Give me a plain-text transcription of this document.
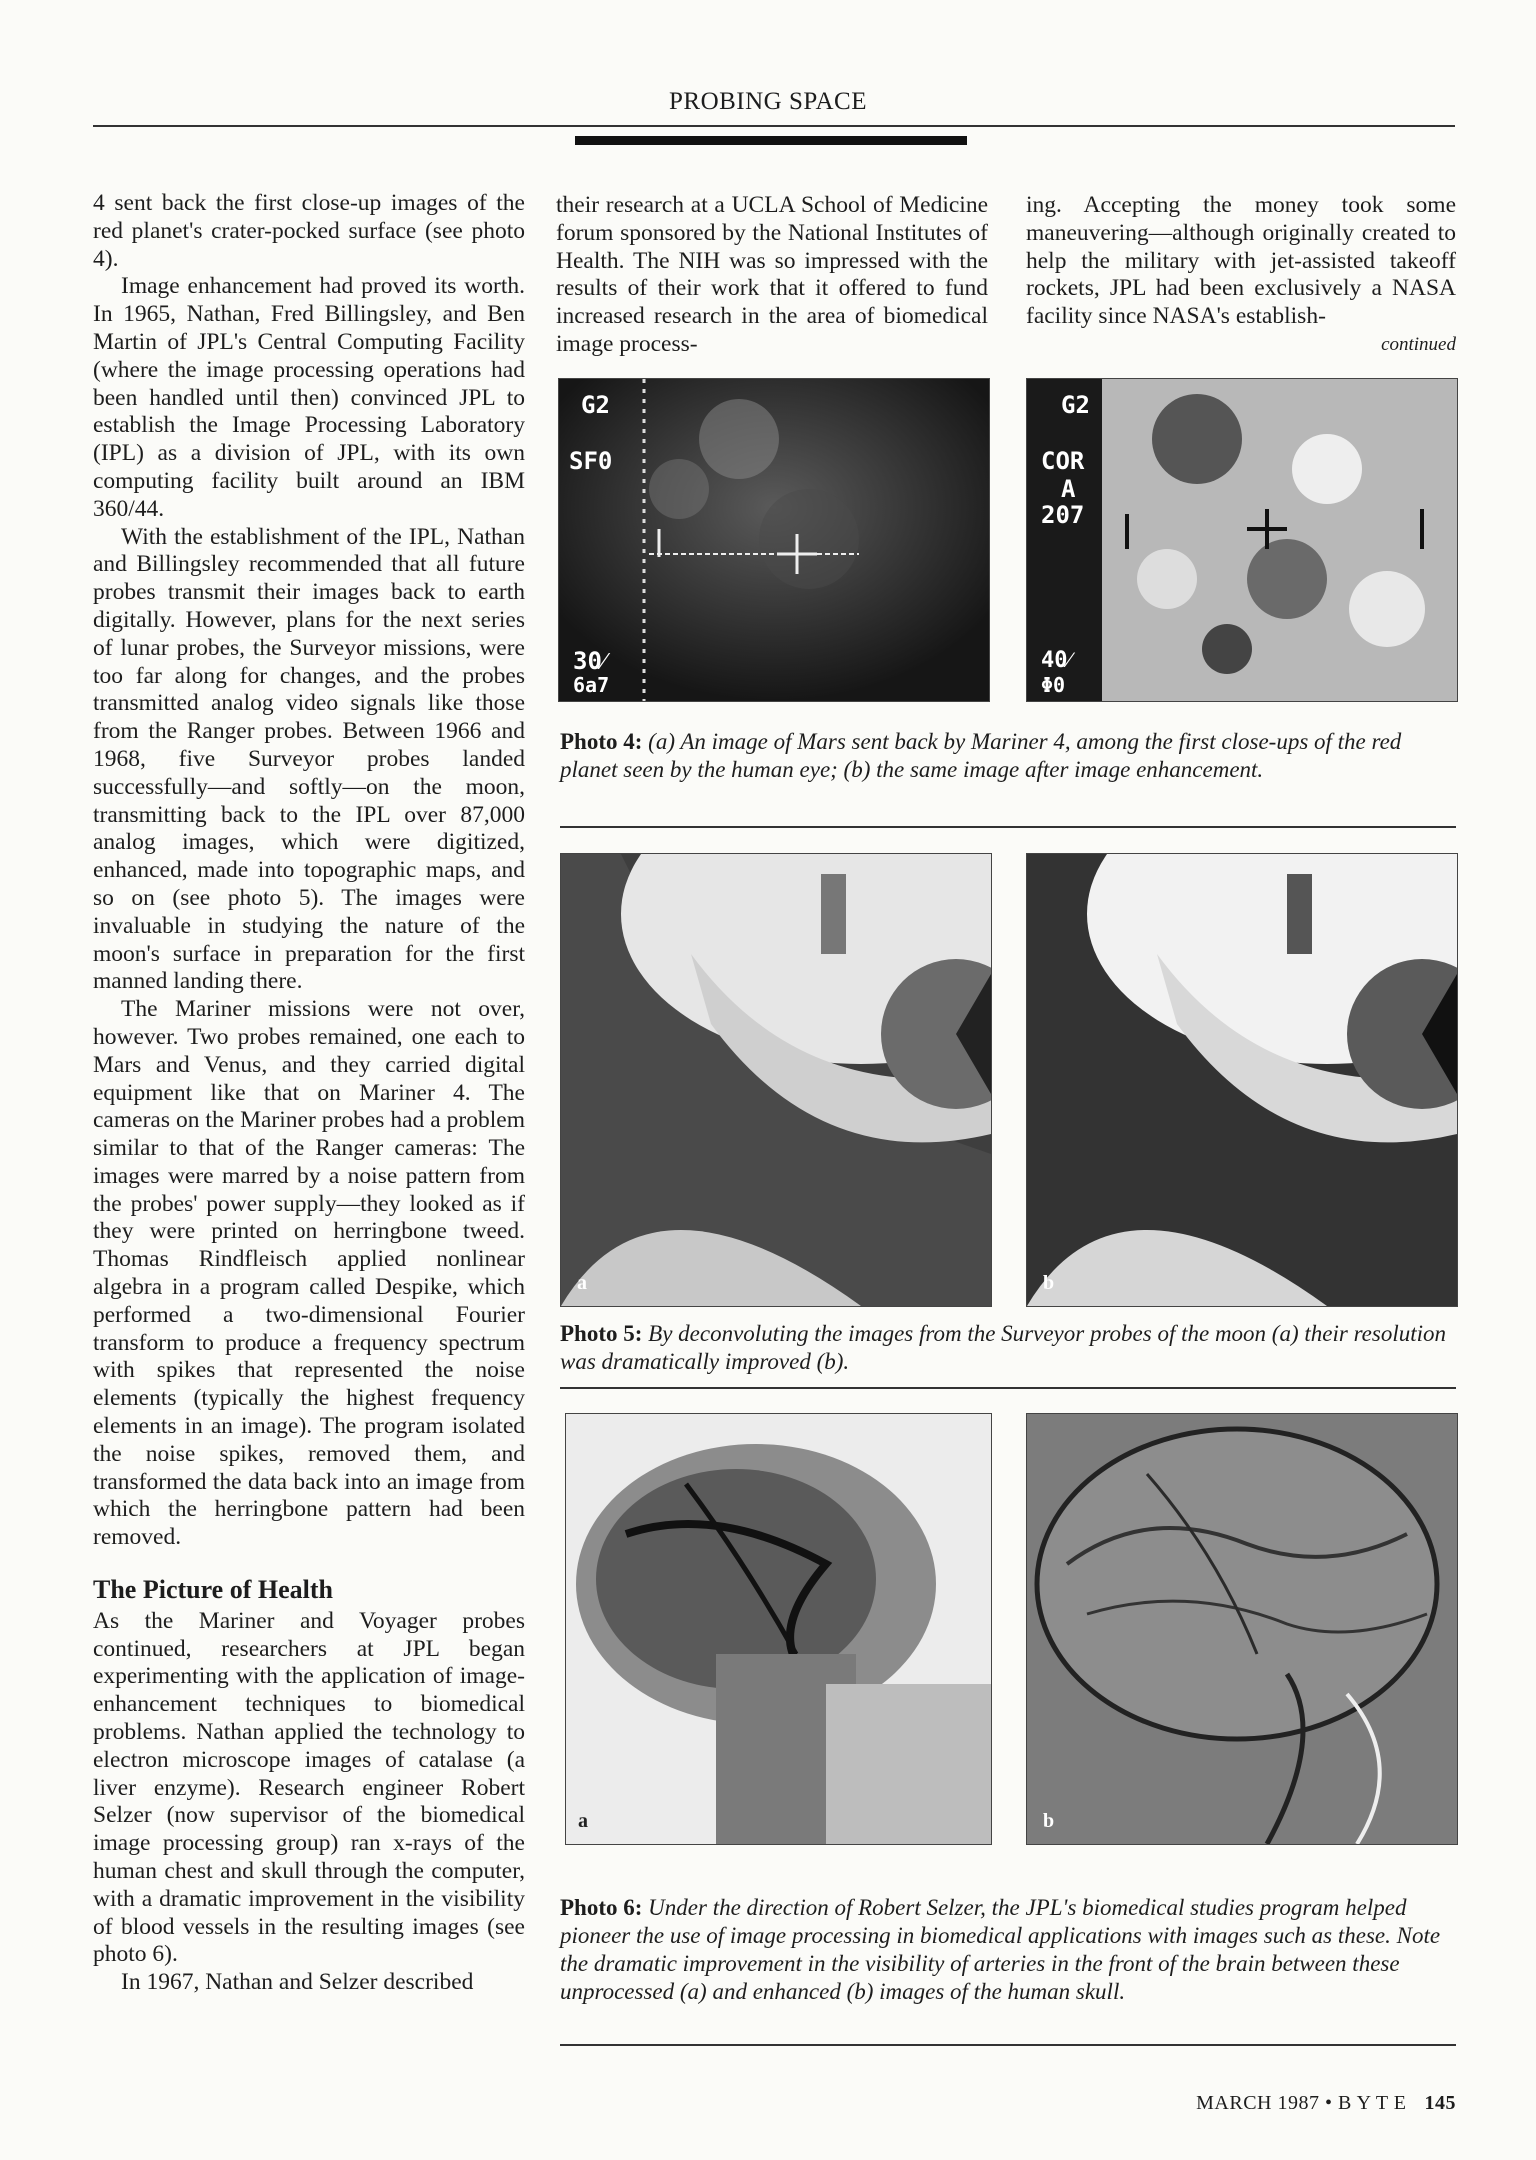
PROBING SPACE

4 sent back the first close-up images of the red planet's crater-pocked surface (see photo 4).

Image enhancement had proved its worth. In 1965, Nathan, Fred Billingsley, and Ben Martin of JPL's Central Computing Facility (where the image processing operations had been handled until then) convinced JPL to establish the Image Processing Laboratory (IPL) as a division of JPL, with its own computing facility built around an IBM 360/44.

With the establishment of the IPL, Nathan and Billingsley recommended that all future probes transmit their images back to earth digitally. However, plans for the next series of lunar probes, the Surveyor missions, were too far along for changes, and the probes transmitted analog video signals like those from the Ranger probes. Between 1966 and 1968, five Surveyor probes landed successfully—and softly—on the moon, transmitting back to the IPL over 87,000 analog images, which were digitized, enhanced, made into topographic maps, and so on (see photo 5). The images were invaluable in studying the nature of the moon's surface in preparation for the first manned landing there.

The Mariner missions were not over, however. Two probes remained, one each to Mars and Venus, and they carried digital equipment like that on Mariner 4. The cameras on the Mariner probes had a problem similar to that of the Ranger cameras: The images were marred by a noise pattern from the probes' power supply—they looked as if they were printed on herringbone tweed. Thomas Rindfleisch applied nonlinear algebra in a program called Despike, which performed a two-dimensional Fourier transform to produce a frequency spectrum with spikes that represented the noise elements (typically the highest frequency elements in an image). The program isolated the noise spikes, removed them, and transformed the data back into an image from which the herringbone pattern had been removed.

The Picture of Health

As the Mariner and Voyager probes continued, researchers at JPL began experimenting with the application of image-enhancement techniques to biomedical problems. Nathan applied the technology to electron microscope images of catalase (a liver enzyme). Research engineer Robert Selzer (now supervisor of the biomedical image processing group) ran x-rays of the human chest and skull through the computer, with a dramatic improvement in the visibility of blood vessels in the resulting images (see photo 6).

In 1967, Nathan and Selzer described

their research at a UCLA School of Medicine forum sponsored by the National Institutes of Health. The NIH was so impressed with the results of their work that it offered to fund increased research in the area of biomedical image process-

ing. Accepting the money took some maneuvering—although originally created to help the military with jet-assisted takeoff rockets, JPL had been exclusively a NASA facility since NASA's establish-

continued
G2
SF0
30⁄
6a7
G2
COR
A
207
40⁄
Φ0
Photo 4: (a) An image of Mars sent back by Mariner 4, among the first close-ups of the red planet seen by the human eye; (b) the same image after image enhancement.
a	b
Photo 5: By deconvoluting the images from the Surveyor probes of the moon (a) their resolution was dramatically improved (b).
a	b
Photo 6: Under the direction of Robert Selzer, the JPL's biomedical studies program helped pioneer the use of image processing in biomedical applications with images such as these. Note the dramatic improvement in the visibility of arteries in the front of the brain between these unprocessed (a) and enhanced (b) images of the human skull.
MARCH 1987 • B Y T E 145
